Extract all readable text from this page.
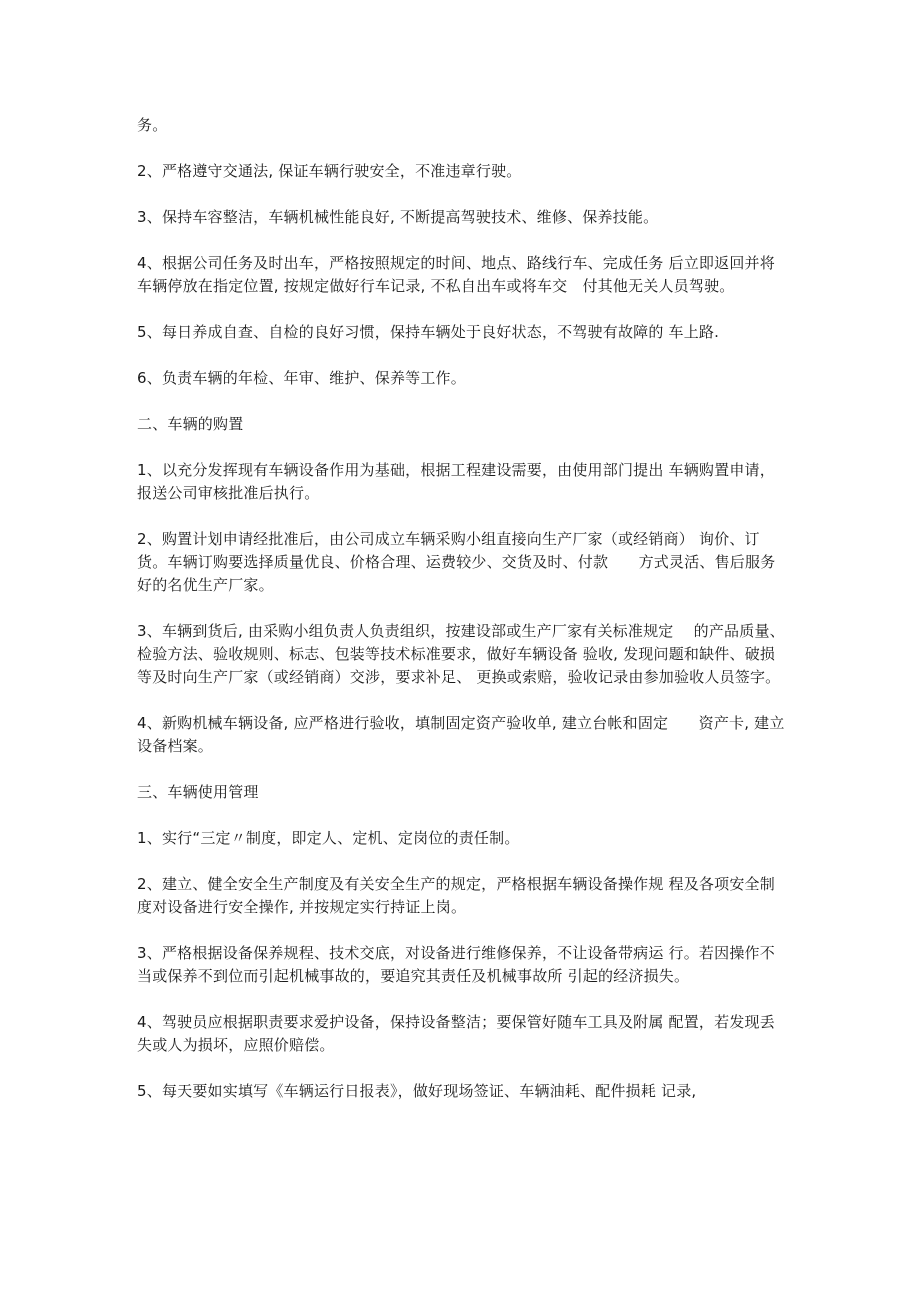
务。

2、严格遵守交通法, 保证车辆行驶安全，不准违章行驶。

3、保持车容整洁，车辆机械性能良好, 不断提高驾驶技术、维修、保养技能。

4、根据公司任务及时出车，严格按照规定的时间、地点、路线行车、完成任务 后立即返回并将车辆停放在指定位置, 按规定做好行车记录, 不私自出车或将车交　付其他无关人员驾驶。

5、每日养成自查、自检的良好习惯，保持车辆处于良好状态，不驾驶有故障的 车上路.

6、负责车辆的年检、年审、维护、保养等工作。

二、车辆的购置

1、以充分发挥现有车辆设备作用为基础，根据工程建设需要，由使用部门提出 车辆购置申请，报送公司审核批准后执行。

2、购置计划申请经批准后，由公司成立车辆采购小组直接向生产厂家（或经销商） 询价、订货。车辆订购要选择质量优良、价格合理、运费较少、交货及时、付款　　方式灵活、售后服务好的名优生产厂家。

3、车辆到货后, 由采购小组负责人负责组织，按建设部或生产厂家有关标准规定　 的产品质量、检验方法、验收规则、标志、包装等技术标准要求，做好车辆设备 验收, 发现问题和缺件、破损等及时向生产厂家（或经销商）交涉，要求补足、 更换或索赔，验收记录由参加验收人员签字。

4、新购机械车辆设备, 应严格进行验收，填制固定资产验收单, 建立台帐和固定　　资产卡, 建立设备档案。

三、车辆使用管理

1、实行“三定〃制度，即定人、定机、定岗位的责任制。

2、建立、健全安全生产制度及有关安全生产的规定，严格根据车辆设备操作规 程及各项安全制度对设备进行安全操作, 并按规定实行持证上岗。

3、严格根据设备保养规程、技术交底，对设备进行维修保养，不让设备带病运 行。若因操作不当或保养不到位而引起机械事故的，要追究其责任及机械事故所 引起的经济损失。

4、驾驶员应根据职责要求爱护设备，保持设备整洁；要保管好随车工具及附属 配置，若发现丢失或人为损坏，应照价赔偿。

5、每天要如实填写《车辆运行日报表》，做好现场签证、车辆油耗、配件损耗 记录,
